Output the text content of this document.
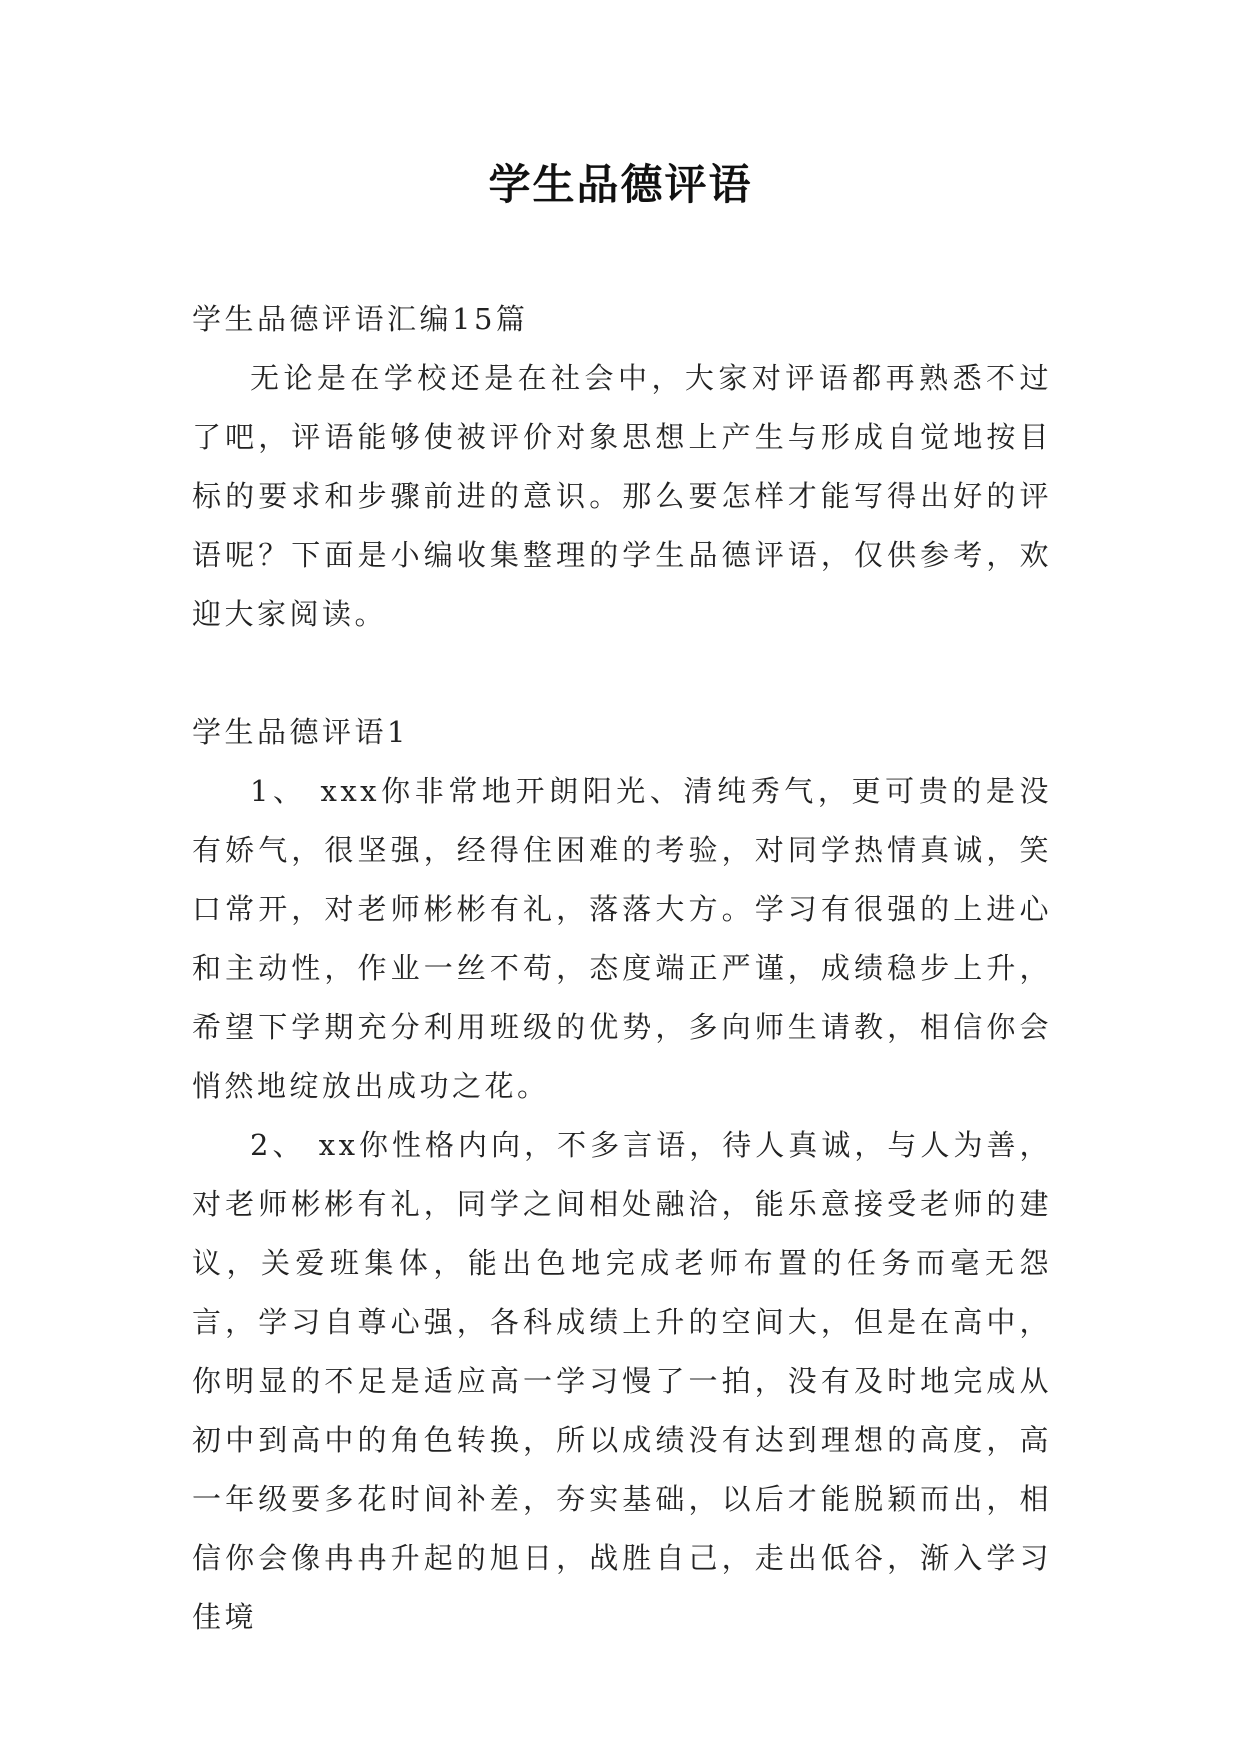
学生品德评语

学生品德评语汇编15篇

无论是在学校还是在社会中，大家对评语都再熟悉不过了吧，评语能够使被评价对象思想上产生与形成自觉地按目标的要求和步骤前进的意识。那么要怎样才能写得出好的评语呢？下面是小编收集整理的学生品德评语，仅供参考，欢迎大家阅读。

学生品德评语1

1、 xxx你非常地开朗阳光、清纯秀气，更可贵的是没有娇气，很坚强，经得住困难的考验，对同学热情真诚，笑口常开，对老师彬彬有礼，落落大方。学习有很强的上进心和主动性，作业一丝不苟，态度端正严谨，成绩稳步上升，希望下学期充分利用班级的优势，多向师生请教，相信你会悄然地绽放出成功之花。

2、 xx你性格内向，不多言语，待人真诚，与人为善，对老师彬彬有礼，同学之间相处融洽，能乐意接受老师的建议，关爱班集体，能出色地完成老师布置的任务而毫无怨言，学习自尊心强，各科成绩上升的空间大，但是在高中，你明显的不足是适应高一学习慢了一拍，没有及时地完成从初中到高中的角色转换，所以成绩没有达到理想的高度，高一年级要多花时间补差，夯实基础，以后才能脱颖而出，相信你会像冉冉升起的旭日，战胜自己，走出低谷，渐入学习佳境
